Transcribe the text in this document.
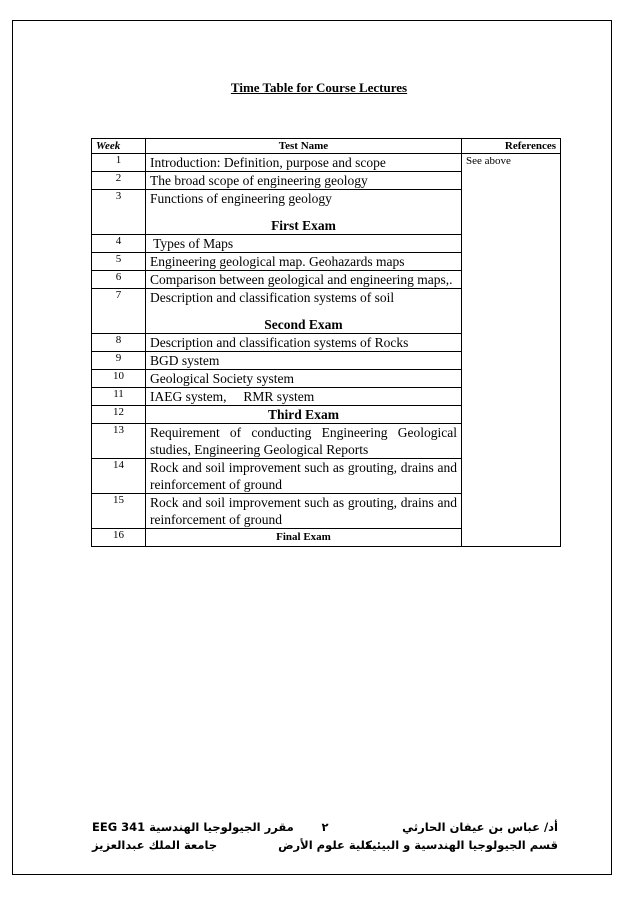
Time Table for Course Lectures
Week	Test Name	References
1	Introduction: Definition, purpose and scope	See above
2	The broad scope of engineering geology	
3	Functions of engineering geology
First Exam	

4	Types of Maps	
5	Engineering geological map. Geohazards maps	
6	Comparison between geological and engineering maps,.	
7	Description and classification systems of soil
Second Exam	

8	Description and classification systems of Rocks	
9	BGD system	
10	Geological Society system	
11	IAEG system,     RMR system	
12	Third Exam	
13	Requirement of conducting Engineering Geological studies, Engineering Geological Reports	
14	Rock and soil improvement such as grouting, drains and reinforcement of ground	
15	Rock and soil improvement such as grouting, drains and reinforcement of ground	
16	Final Exam	
مقرر الجيولوجيا الهندسية EEG 341	٢	أد/ عباس بن عيفان الحارثي
جامعة الملك عبدالعزيز	كلية علوم الأرض
قسم الجيولوجيا الهندسية و البيئية
